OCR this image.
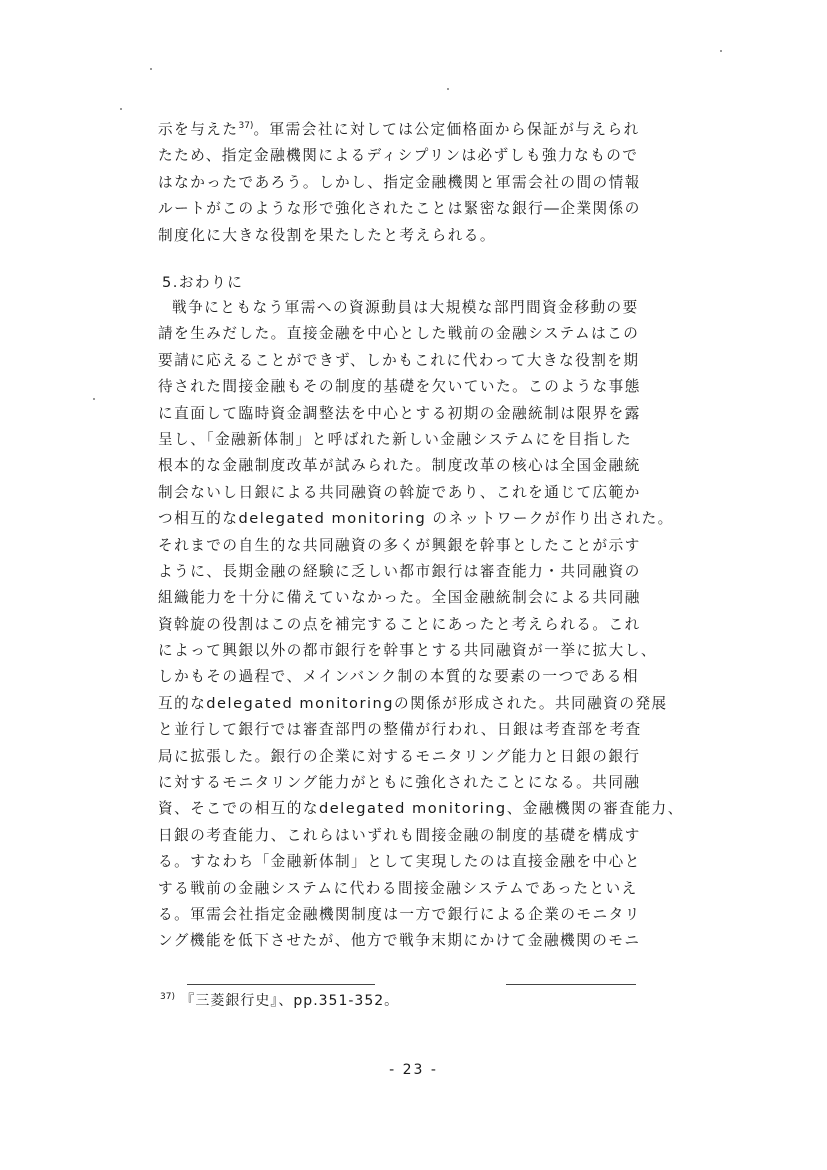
示を与えた$^{37)}$。軍需会社に対しては公定価格面から保証が与えられ
たため、指定金融機関によるディシプリンは必ずしも強力なもので
はなかったであろう。しかし、指定金融機関と軍需会社の間の情報
ルートがこのような形で強化されたことは緊密な銀行―企業関係の
制度化に大きな役割を果たしたと考えられる。
5.おわりに
戦争にともなう軍需への資源動員は大規模な部門間資金移動の要
請を生みだした。直接金融を中心とした戦前の金融システムはこの
要請に応えることができず、しかもこれに代わって大きな役割を期
待された間接金融もその制度的基礎を欠いていた。このような事態
に直面して臨時資金調整法を中心とする初期の金融統制は限界を露
呈し、「金融新体制」と呼ばれた新しい金融システムにを目指した
根本的な金融制度改革が試みられた。制度改革の核心は全国金融統
制会ないし日銀による共同融資の斡旋であり、これを通じて広範か
つ相互的なdelegated monitoring のネットワークが作り出された。
それまでの自生的な共同融資の多くが興銀を幹事としたことが示す
ように、長期金融の経験に乏しい都市銀行は審査能力・共同融資の
組織能力を十分に備えていなかった。全国金融統制会による共同融
資斡旋の役割はこの点を補完することにあったと考えられる。これ
によって興銀以外の都市銀行を幹事とする共同融資が一挙に拡大し、
しかもその過程で、メインバンク制の本質的な要素の一つである相
互的なdelegated monitoringの関係が形成された。共同融資の発展
と並行して銀行では審査部門の整備が行われ、日銀は考査部を考査
局に拡張した。銀行の企業に対するモニタリング能力と日銀の銀行
に対するモニタリング能力がともに強化されたことになる。共同融
資、そこでの相互的なdelegated monitoring、金融機関の審査能力、
日銀の考査能力、これらはいずれも間接金融の制度的基礎を構成す
る。すなわち「金融新体制」として実現したのは直接金融を中心と
する戦前の金融システムに代わる間接金融システムであったといえ
る。軍需会社指定金融機関制度は一方で銀行による企業のモニタリ
ング機能を低下させたが、他方で戦争末期にかけて金融機関のモニ
$^{37)}$ 『三菱銀行史』、pp.351-352。
- 23 -
